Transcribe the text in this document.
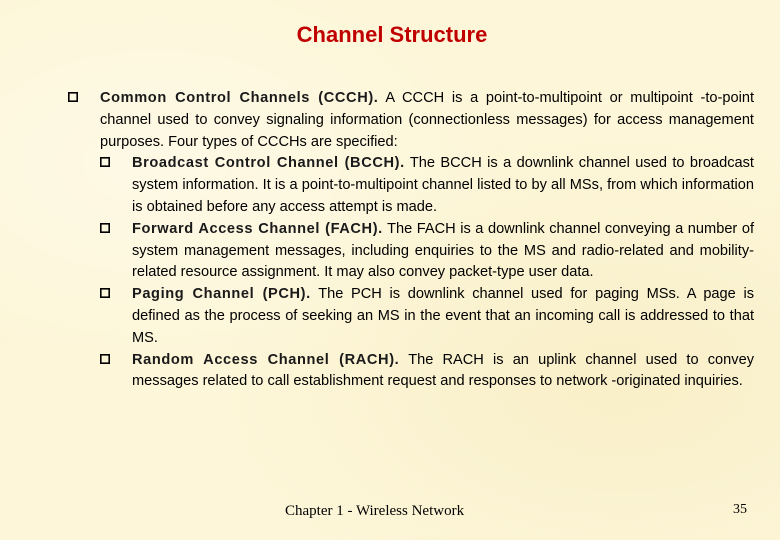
Channel Structure
Common Control Channels (CCCH). A CCCH is a point-to-multipoint or multipoint -to-point channel used to convey signaling information (connectionless messages) for access management purposes. Four types of CCCHs are specified:
Broadcast Control Channel (BCCH). The BCCH is a downlink channel used to broadcast system information. It is a point-to-multipoint channel listed to by all MSs, from which information is obtained before any access attempt is made.
Forward Access Channel (FACH). The FACH is a downlink channel conveying a number of system management messages, including enquiries to the MS and radio-related and mobility-related resource assignment. It may also convey packet-type user data.
Paging Channel (PCH). The PCH is downlink channel used for paging MSs. A page is defined as the process of seeking an MS in the event that an incoming call is addressed to that MS.
Random Access Channel (RACH). The RACH is an uplink channel used to convey messages related to call establishment request and responses to network -originated inquiries.
Chapter 1 - Wireless Network	35
